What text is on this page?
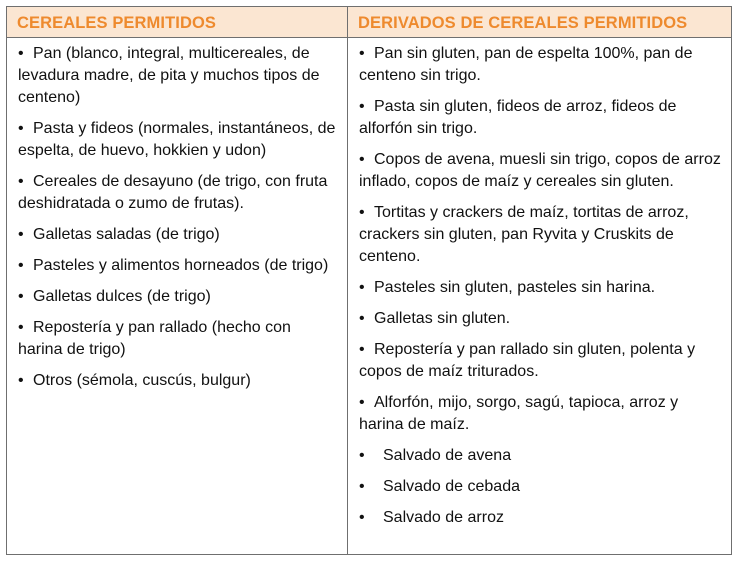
CEREALES PERMITIDOS	DERIVADOS DE CEREALES PERMITIDOS
• Pan (blanco, integral, multicereales, de levadura madre, de pita y muchos tipos de centeno)
• Pasta y fideos (normales, instantáneos, de espelta, de huevo, hokkien y udon)
• Cereales de desayuno (de trigo, con fruta deshidratada o zumo de frutas).
• Galletas saladas (de trigo)
• Pasteles y alimentos horneados (de trigo)
• Galletas dulces (de trigo)
• Repostería y pan rallado (hecho con harina de trigo)
• Otros (sémola, cuscús, bulgur)
• Pan sin gluten, pan de espelta 100%, pan de centeno sin trigo.
• Pasta sin gluten, fideos de arroz, fideos de alforfón sin trigo.
• Copos de avena, muesli sin trigo, copos de arroz inflado, copos de maíz y cereales sin gluten.
• Tortitas y crackers de maíz, tortitas de arroz, crackers sin gluten, pan Ryvita y Cruskits de centeno.
• Pasteles sin gluten, pasteles sin harina.
• Galletas sin gluten.
• Repostería y pan rallado sin gluten, polenta y copos de maíz triturados.
• Alforfón, mijo, sorgo, sagú, tapioca, arroz y harina de maíz.
• Salvado de avena
• Salvado de cebada
• Salvado de arroz
